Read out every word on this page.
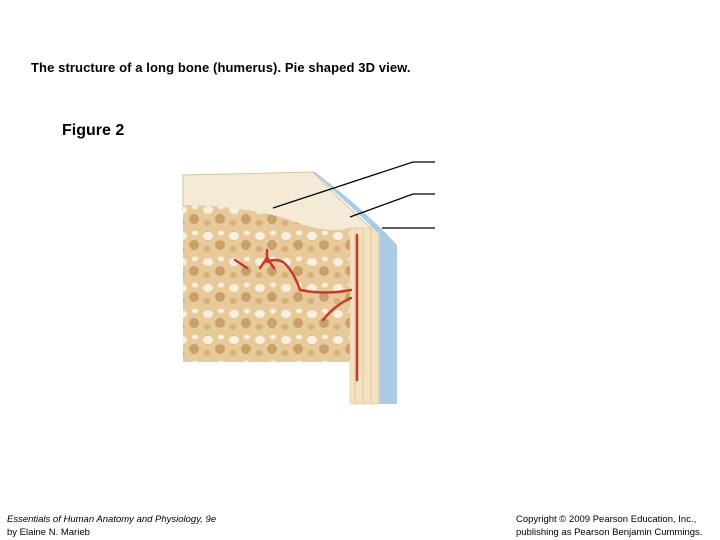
The structure of a long bone (humerus). Pie shaped 3D view.
Figure 2
Essentials of Human Anatomy and Physiology, 9e
by Elaine N. Marieb
Copyright © 2009 Pearson Education, Inc.,
publishing as Pearson Benjamin Cummings.
